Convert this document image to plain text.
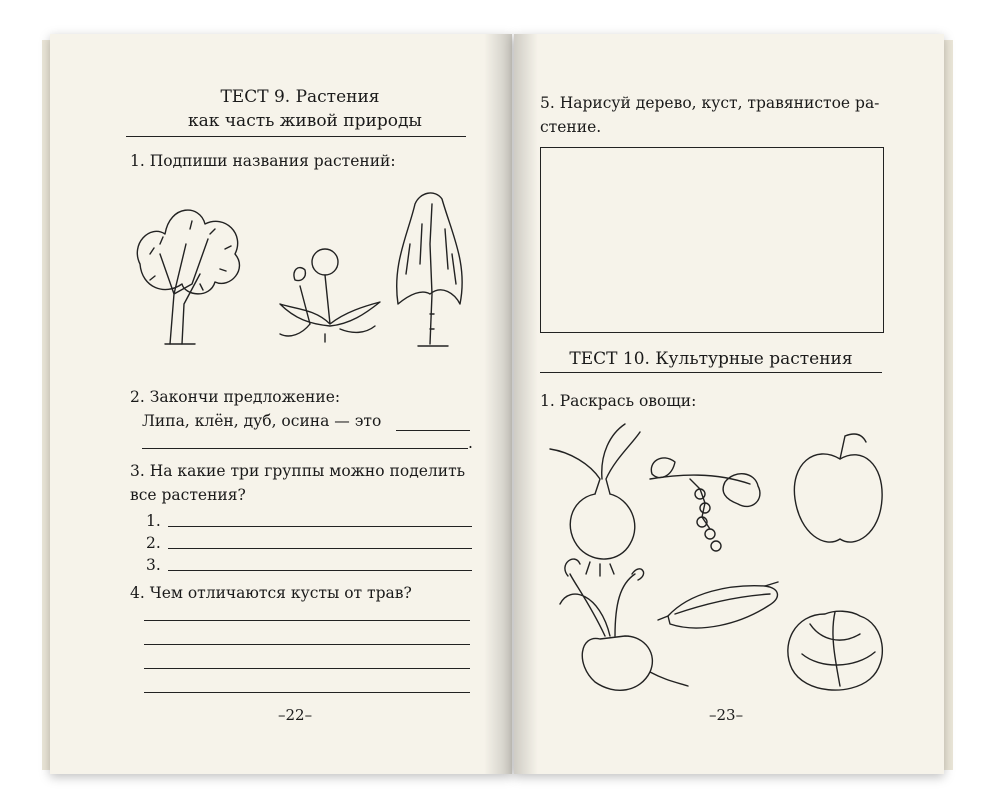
ТЕСТ 9. Растения
как часть живой природы
1. Подпиши названия растений:
2. Закончи предложение:
Липа, клён, дуб, осина — это
.
3. На какие три группы можно поделить
все растения?
1.
2.
3.
4. Чем отличаются кусты от трав?
–22–
5. Нарисуй дерево, куст, травянистое ра-
стение.
ТЕСТ 10. Культурные растения
1. Раскрась овощи:
–23–
